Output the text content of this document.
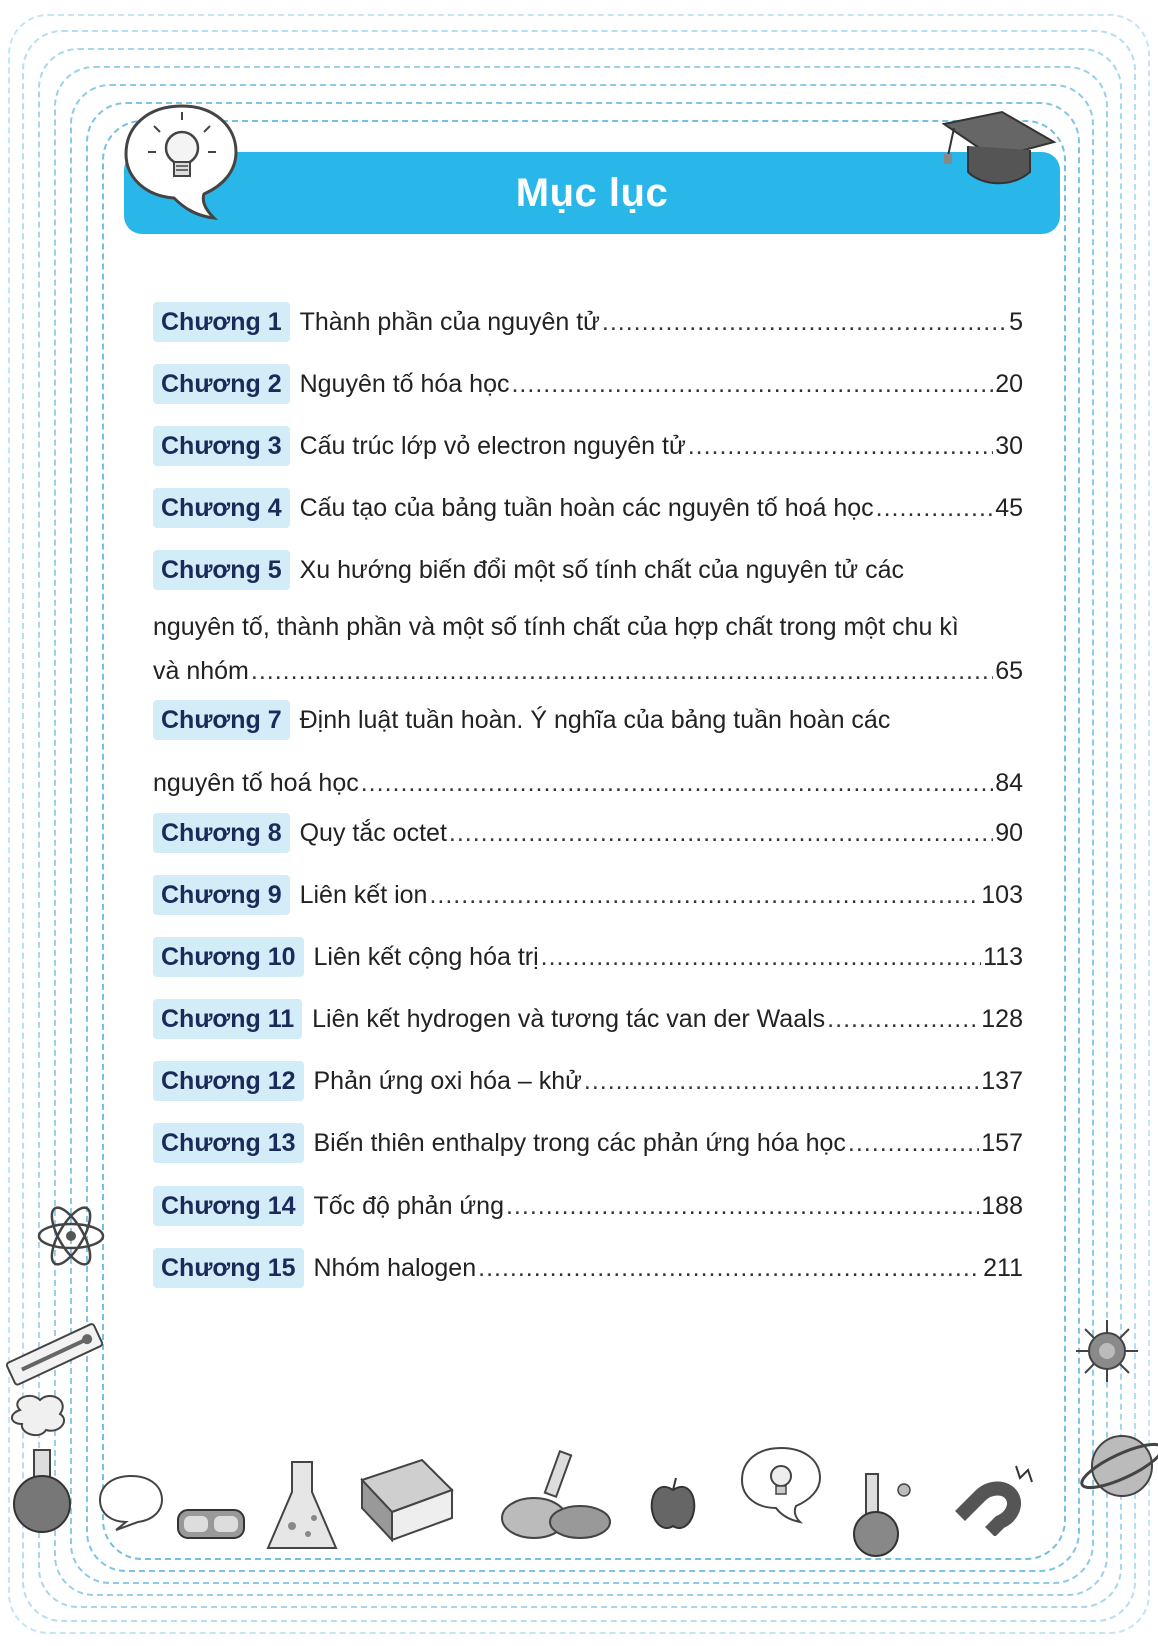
Mục lục
Chương 1 Thành phần của nguyên tử .....	5
Chương 2 Nguyên tố hóa học .....	20
Chương 3 Cấu trúc lớp vỏ electron nguyên tử .....	30
Chương 4 Cấu tạo của bảng tuần hoàn các nguyên tố hoá học .....	45
Chương 5 Xu hướng biến đổi một số tính chất của nguyên tử các
nguyên tố, thành phần và một số tính chất của hợp chất trong một chu kì
và nhóm .....	65
Chương 7 Định luật tuần hoàn. Ý nghĩa của bảng tuần hoàn các
nguyên tố hoá học .....	84
Chương 8 Quy tắc octet .....	90
Chương 9 Liên kết ion .....	103
Chương 10 Liên kết cộng hóa trị .....	113
Chương 11 Liên kết hydrogen và tương tác van der Waals .....	128
Chương 12 Phản ứng oxi hóa – khử .....	137
Chương 13 Biến thiên enthalpy trong các phản ứng hóa học .....	157
Chương 14 Tốc độ phản ứng .....	188
Chương 15 Nhóm halogen .....	211
